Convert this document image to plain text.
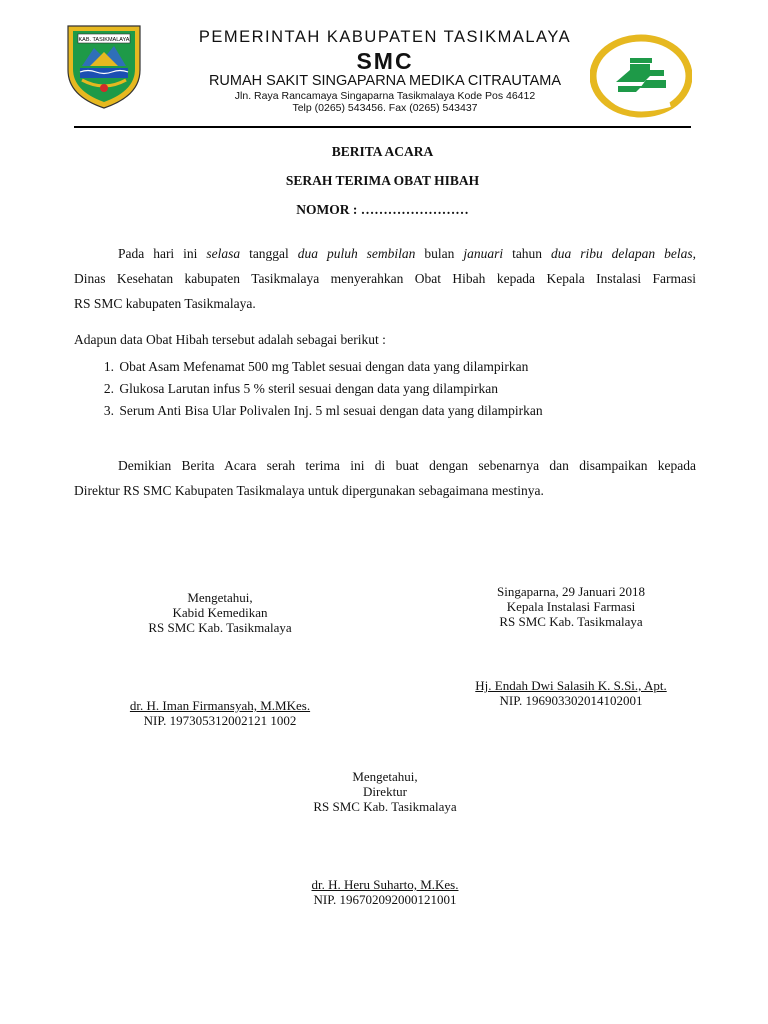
KAB. TASIKMALAYA	PEMERINTAH KABUPATEN TASIKMALAYA
SMC
RUMAH SAKIT SINGAPARNA MEDIKA CITRAUTAMA
Jln. Raya Rancamaya Singaparna Tasikmalaya Kode Pos 46412
Telp (0265) 543456. Fax (0265) 543437
BERITA ACARA
SERAH TERIMA OBAT HIBAH
NOMOR : ……………………
Pada hari ini selasa tanggal dua puluh sembilan bulan januari tahun dua ribu delapan belas,
Dinas Kesehatan kabupaten Tasikmalaya menyerahkan Obat Hibah kepada Kepala Instalasi Farmasi
RS SMC kabupaten Tasikmalaya.
Adapun data Obat Hibah tersebut adalah sebagai berikut :
1. Obat Asam Mefenamat 500 mg Tablet sesuai dengan data yang dilampirkan
2. Glukosa Larutan infus 5 % steril sesuai dengan data yang dilampirkan
3. Serum Anti Bisa Ular Polivalen Inj. 5 ml sesuai dengan data yang dilampirkan
Demikian Berita Acara serah terima ini di buat dengan sebenarnya dan disampaikan kepada
Direktur RS SMC Kabupaten Tasikmalaya untuk dipergunakan sebagaimana mestinya.
Mengetahui,
Kabid Kemedikan
RS SMC Kab. Tasikmalaya
dr. H. Iman Firmansyah, M.MKes.
NIP. 197305312002121 1002
Singaparna, 29 Januari 2018
Kepala Instalasi Farmasi
RS SMC Kab. Tasikmalaya
Hj. Endah Dwi Salasih K. S.Si., Apt.
NIP. 196903302014102001
Mengetahui,
Direktur
RS SMC Kab. Tasikmalaya
dr. H. Heru Suharto, M.Kes.
NIP. 196702092000121001
